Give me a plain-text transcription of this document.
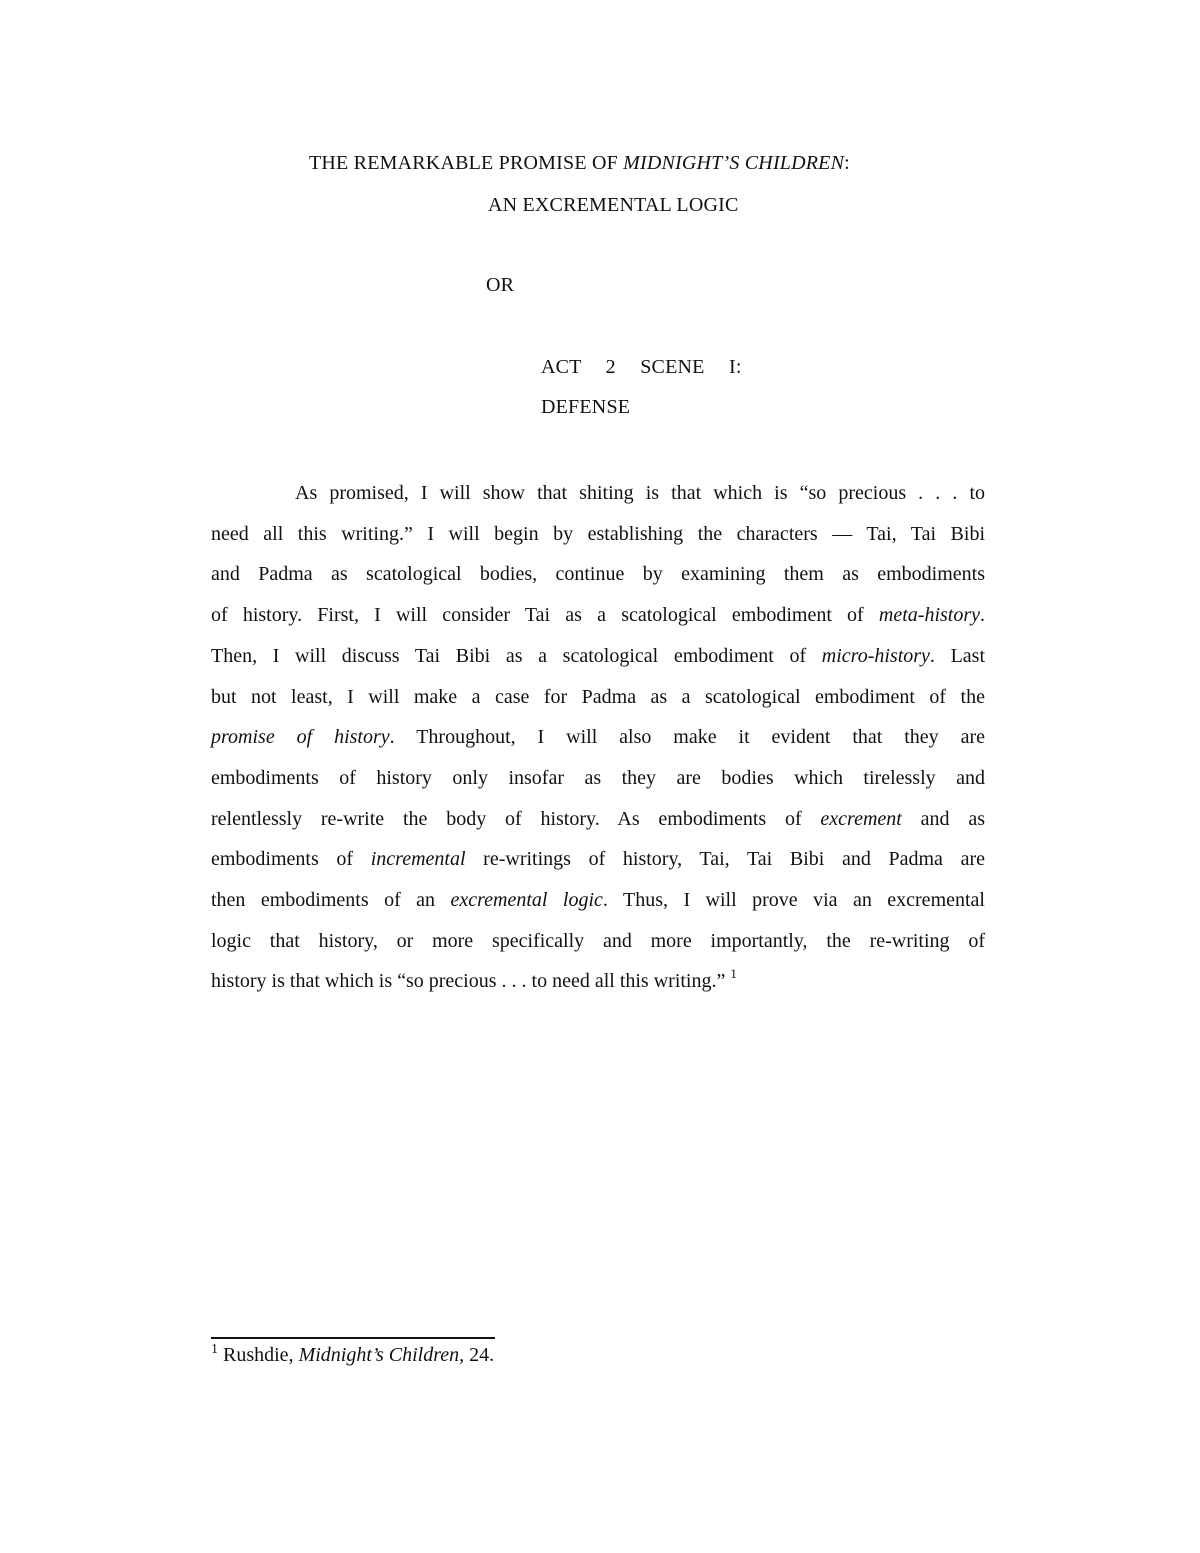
THE REMARKABLE PROMISE OF MIDNIGHT’S CHILDREN:
AN EXCREMENTAL LOGIC
OR
ACT  2  SCENE  I:
DEFENSE
As promised, I will show that shiting is that which is “so precious . . . to
need all this writing.” I will begin by establishing the characters — Tai, Tai Bibi
and Padma as scatological bodies, continue by examining them as embodiments
of history. First, I will consider Tai as a scatological embodiment of meta-history.
Then, I will discuss Tai Bibi as a scatological embodiment of micro-history. Last
but not least, I will make a case for Padma as a scatological embodiment of the
promise of history. Throughout, I will also make it evident that they are
embodiments of history only insofar as they are bodies which tirelessly and
relentlessly re-write the body of history. As embodiments of excrement and as
embodiments of incremental re-writings of history, Tai, Tai Bibi and Padma are
then embodiments of an excremental logic. Thus, I will prove via an excremental
logic that history, or more specifically and more importantly, the re-writing of
history is that which is “so precious . . . to need all this writing.” $^1$
$^1$ Rushdie, Midnight’s Children, 24.
